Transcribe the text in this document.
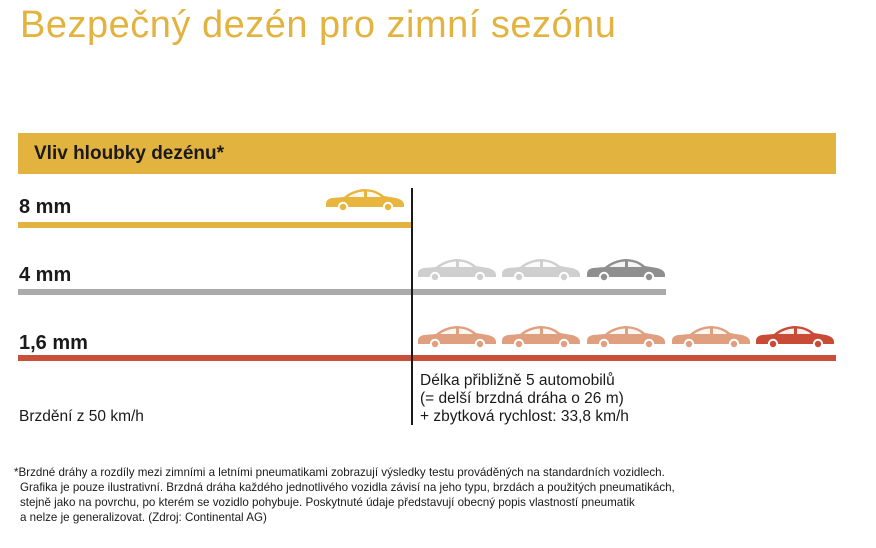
Bezpečný dezén pro zimní sezónu
Vliv hloubky dezénu*
8 mm
4 mm
1,6 mm
Brzdění z 50 km/h
Délka přibližně 5 automobilů
(= delší brzdná dráha o 26 m)
+ zbytková rychlost: 33,8 km/h
*Brzdné dráhy a rozdíly mezi zimními a letními pneumatikami zobrazují výsledky testu prováděných na standardních vozidlech.
Grafika je pouze ilustrativní. Brzdná dráha každého jednotlivého vozidla závisí na jeho typu, brzdách a použitých pneumatikách,
stejně jako na povrchu, po kterém se vozidlo pohybuje. Poskytnuté údaje představují obecný popis vlastností pneumatik
a nelze je generalizovat. (Zdroj: Continental AG)
